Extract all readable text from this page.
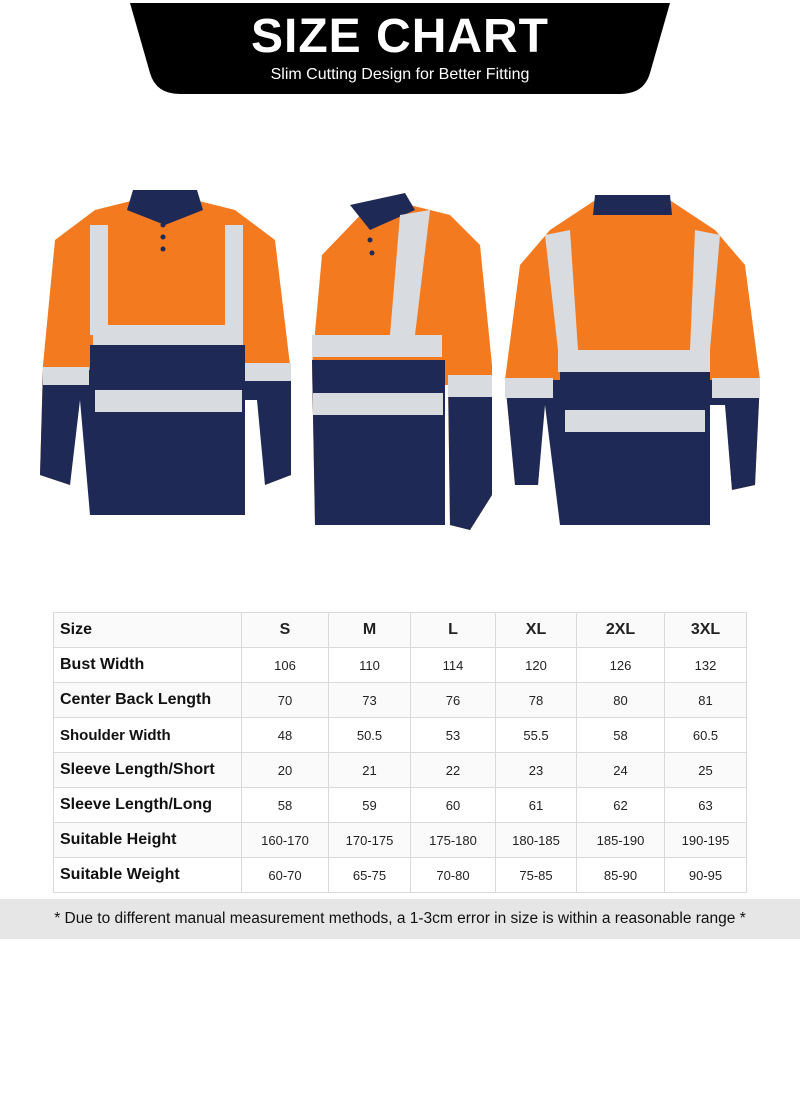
SIZE CHART
Slim Cutting Design for Better Fitting
Size	S	M	L	XL	2XL	3XL
Bust Width	106	110	114	120	126	132
Center Back Length	70	73	76	78	80	81
Shoulder Width	48	50.5	53	55.5	58	60.5
Sleeve Length/Short	20	21	22	23	24	25
Sleeve Length/Long	58	59	60	61	62	63
Suitable Height	160-170	170-175	175-180	180-185	185-190	190-195
Suitable Weight	60-70	65-75	70-80	75-85	85-90	90-95
* Due to different manual measurement methods, a 1-3cm error in size is within a reasonable range *
